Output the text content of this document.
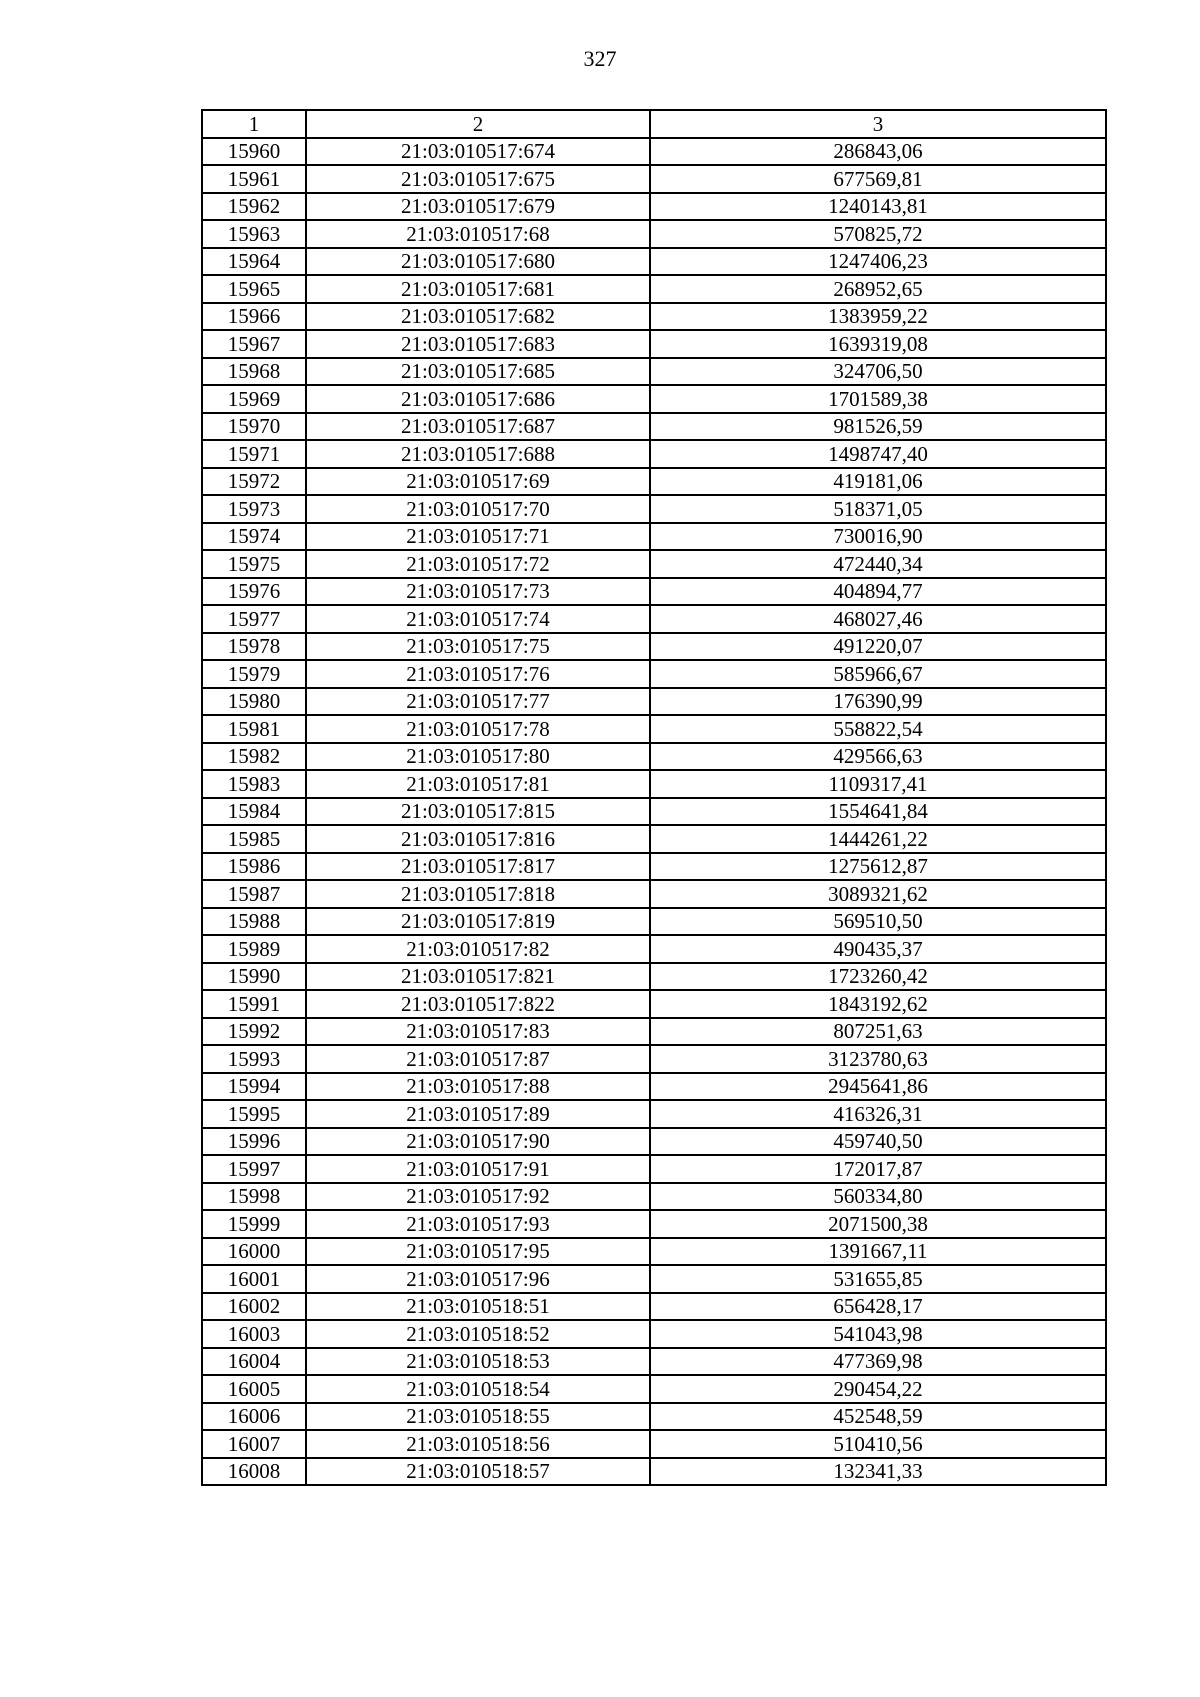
327
1	2	3
15960	21:03:010517:674	286843,06
15961	21:03:010517:675	677569,81
15962	21:03:010517:679	1240143,81
15963	21:03:010517:68	570825,72
15964	21:03:010517:680	1247406,23
15965	21:03:010517:681	268952,65
15966	21:03:010517:682	1383959,22
15967	21:03:010517:683	1639319,08
15968	21:03:010517:685	324706,50
15969	21:03:010517:686	1701589,38
15970	21:03:010517:687	981526,59
15971	21:03:010517:688	1498747,40
15972	21:03:010517:69	419181,06
15973	21:03:010517:70	518371,05
15974	21:03:010517:71	730016,90
15975	21:03:010517:72	472440,34
15976	21:03:010517:73	404894,77
15977	21:03:010517:74	468027,46
15978	21:03:010517:75	491220,07
15979	21:03:010517:76	585966,67
15980	21:03:010517:77	176390,99
15981	21:03:010517:78	558822,54
15982	21:03:010517:80	429566,63
15983	21:03:010517:81	1109317,41
15984	21:03:010517:815	1554641,84
15985	21:03:010517:816	1444261,22
15986	21:03:010517:817	1275612,87
15987	21:03:010517:818	3089321,62
15988	21:03:010517:819	569510,50
15989	21:03:010517:82	490435,37
15990	21:03:010517:821	1723260,42
15991	21:03:010517:822	1843192,62
15992	21:03:010517:83	807251,63
15993	21:03:010517:87	3123780,63
15994	21:03:010517:88	2945641,86
15995	21:03:010517:89	416326,31
15996	21:03:010517:90	459740,50
15997	21:03:010517:91	172017,87
15998	21:03:010517:92	560334,80
15999	21:03:010517:93	2071500,38
16000	21:03:010517:95	1391667,11
16001	21:03:010517:96	531655,85
16002	21:03:010518:51	656428,17
16003	21:03:010518:52	541043,98
16004	21:03:010518:53	477369,98
16005	21:03:010518:54	290454,22
16006	21:03:010518:55	452548,59
16007	21:03:010518:56	510410,56
16008	21:03:010518:57	132341,33
